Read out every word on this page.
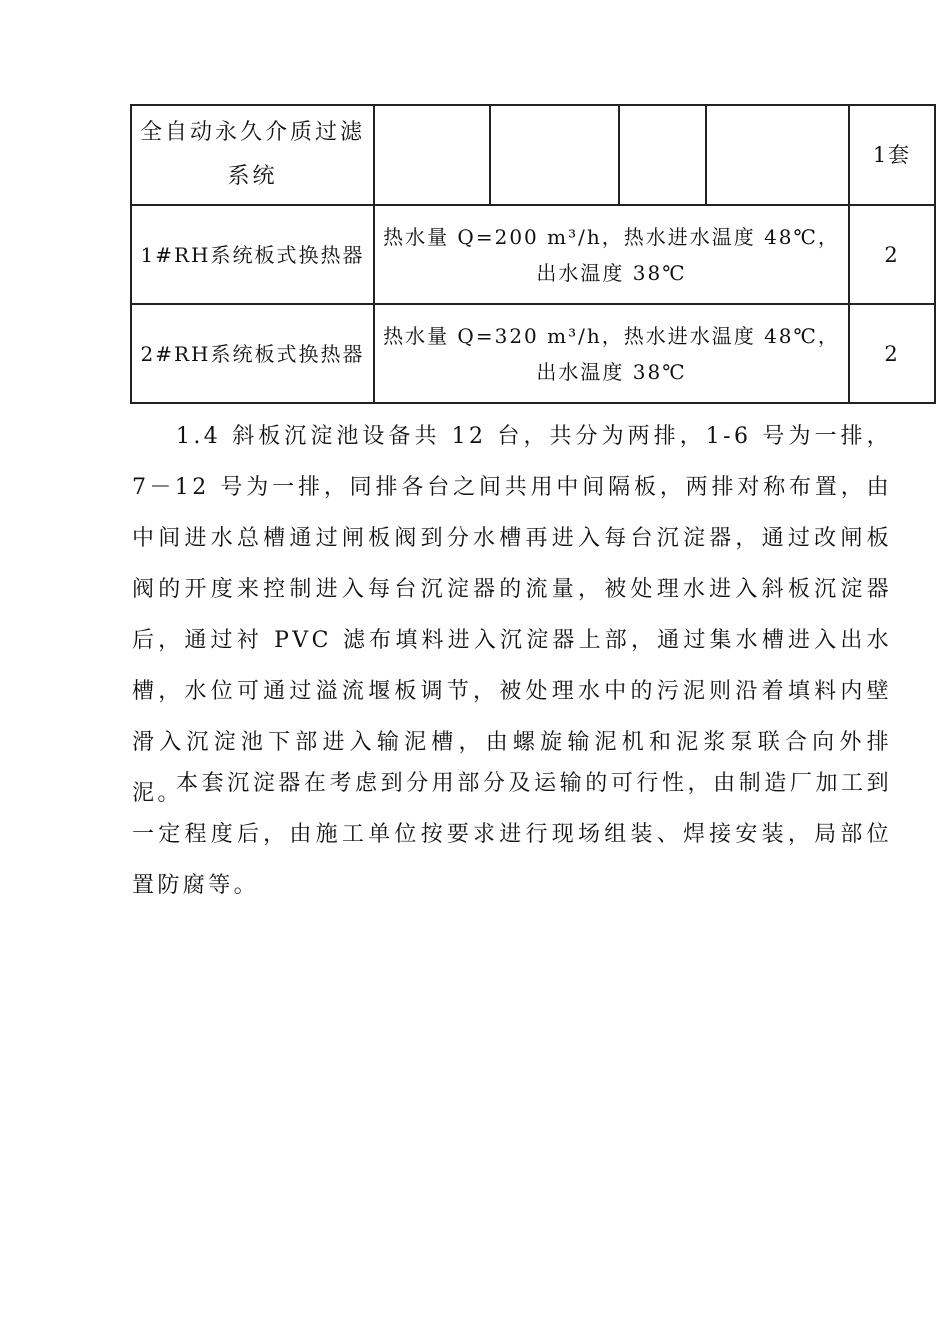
全自动永久介质过滤系统					1套
1#RH系统板式换热器	热水量 Q=200 m³/h，热水进水温度 48℃，出水温度 38℃				2
2#RH系统板式换热器	热水量 Q=320 m³/h，热水进水温度 48℃，出水温度 38℃				2

1.4 斜板沉淀池设备共 12 台，共分为两排，1-6 号为一排，7－12 号为一排，同排各台之间共用中间隔板，两排对称布置，由中间进水总槽通过闸板阀到分水槽再进入每台沉淀器，通过改闸板阀的开度来控制进入每台沉淀器的流量，被处理水进入斜板沉淀器后，通过衬 PVC 滤布填料进入沉淀器上部，通过集水槽进入出水槽，水位可通过溢流堰板调节，被处理水中的污泥则沿着填料内壁滑入沉淀池下部进入输泥槽，由螺旋输泥机和泥浆泵联合向外排泥。

本套沉淀器在考虑到分用部分及运输的可行性，由制造厂加工到一定程度后，由施工单位按要求进行现场组装、焊接安装，局部位置防腐等。
